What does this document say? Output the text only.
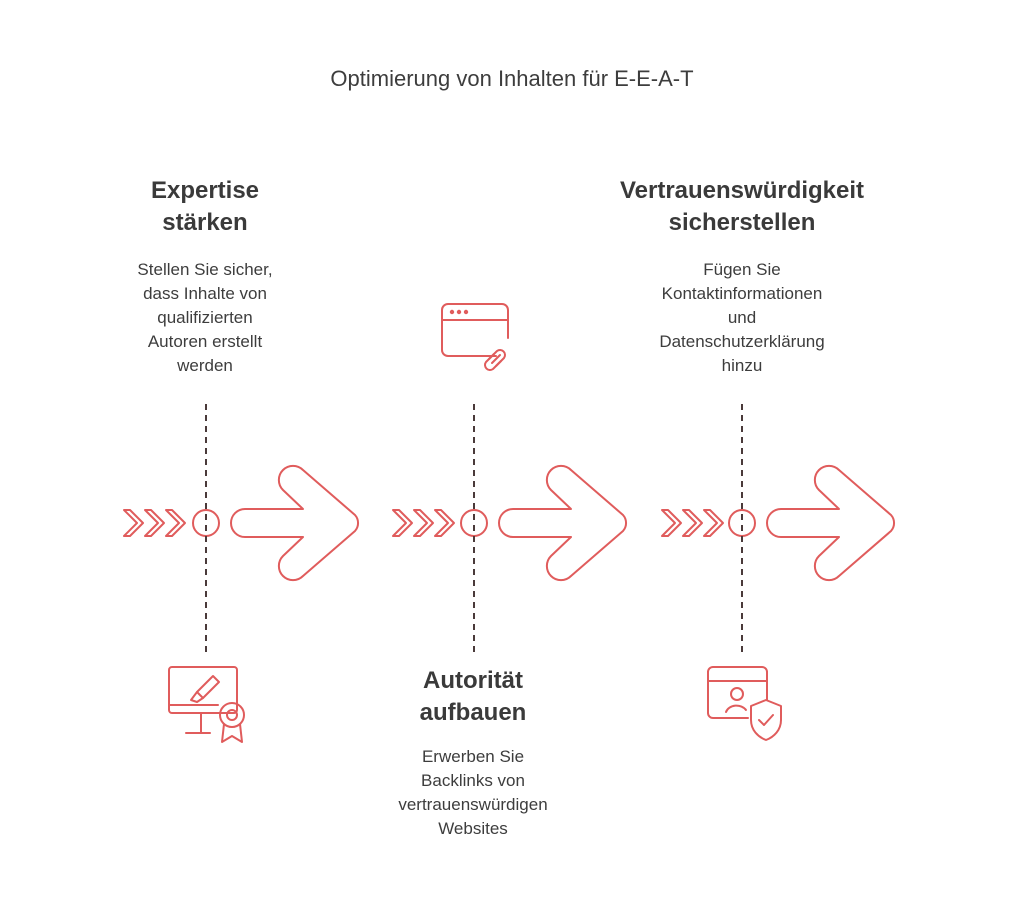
Optimierung von Inhalten für E-E-A-T
Expertise
stärken
Stellen Sie sicher,
dass Inhalte von
qualifizierten
Autoren erstellt
werden
Autorität
aufbauen
Erwerben Sie
Backlinks von
vertrauenswürdigen
Websites
Vertrauenswürdigkeit
sicherstellen
Fügen Sie
Kontaktinformationen
und
Datenschutzerklärung
hinzu
